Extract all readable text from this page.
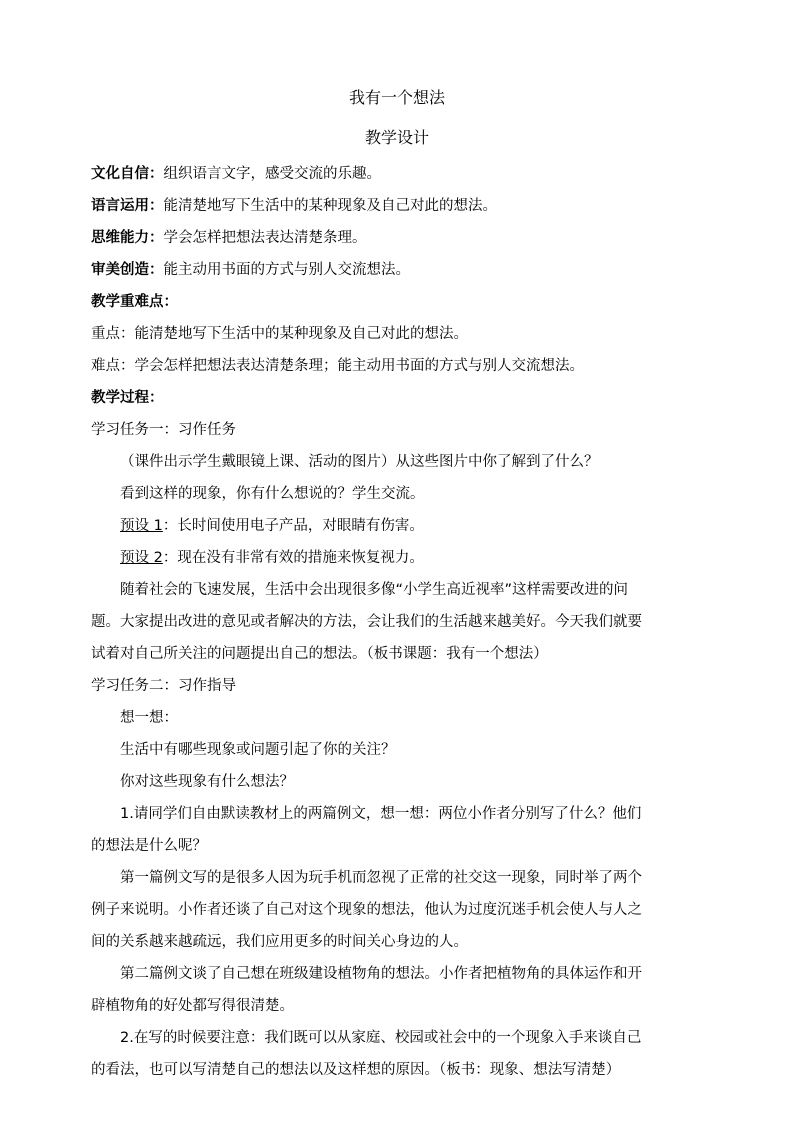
我有一个想法
教学设计
文化自信：组织语言文字，感受交流的乐趣。
语言运用：能清楚地写下生活中的某种现象及自己对此的想法。
思维能力：学会怎样把想法表达清楚条理。
审美创造：能主动用书面的方式与别人交流想法。
教学重难点：
重点：能清楚地写下生活中的某种现象及自己对此的想法。
难点：学会怎样把想法表达清楚条理；能主动用书面的方式与别人交流想法。
教学过程：
学习任务一：习作任务
（课件出示学生戴眼镜上课、活动的图片）从这些图片中你了解到了什么？
看到这样的现象，你有什么想说的？学生交流。
预设 1：长时间使用电子产品，对眼睛有伤害。
预设 2：现在没有非常有效的措施来恢复视力。
随着社会的飞速发展，生活中会出现很多像“小学生高近视率”这样需要改进的问
题。大家提出改进的意见或者解决的方法，会让我们的生活越来越美好。今天我们就要
试着对自己所关注的问题提出自己的想法。（板书课题：我有一个想法）
学习任务二：习作指导
想一想：
生活中有哪些现象或问题引起了你的关注？
你对这些现象有什么想法？
1.请同学们自由默读教材上的两篇例文，想一想：两位小作者分别写了什么？他们
的想法是什么呢？
第一篇例文写的是很多人因为玩手机而忽视了正常的社交这一现象，同时举了两个
例子来说明。小作者还谈了自己对这个现象的想法，他认为过度沉迷手机会使人与人之
间的关系越来越疏远，我们应用更多的时间关心身边的人。
第二篇例文谈了自己想在班级建设植物角的想法。小作者把植物角的具体运作和开
辟植物角的好处都写得很清楚。
2.在写的时候要注意：我们既可以从家庭、校园或社会中的一个现象入手来谈自己
的看法，也可以写清楚自己的想法以及这样想的原因。（板书：现象、想法写清楚）
